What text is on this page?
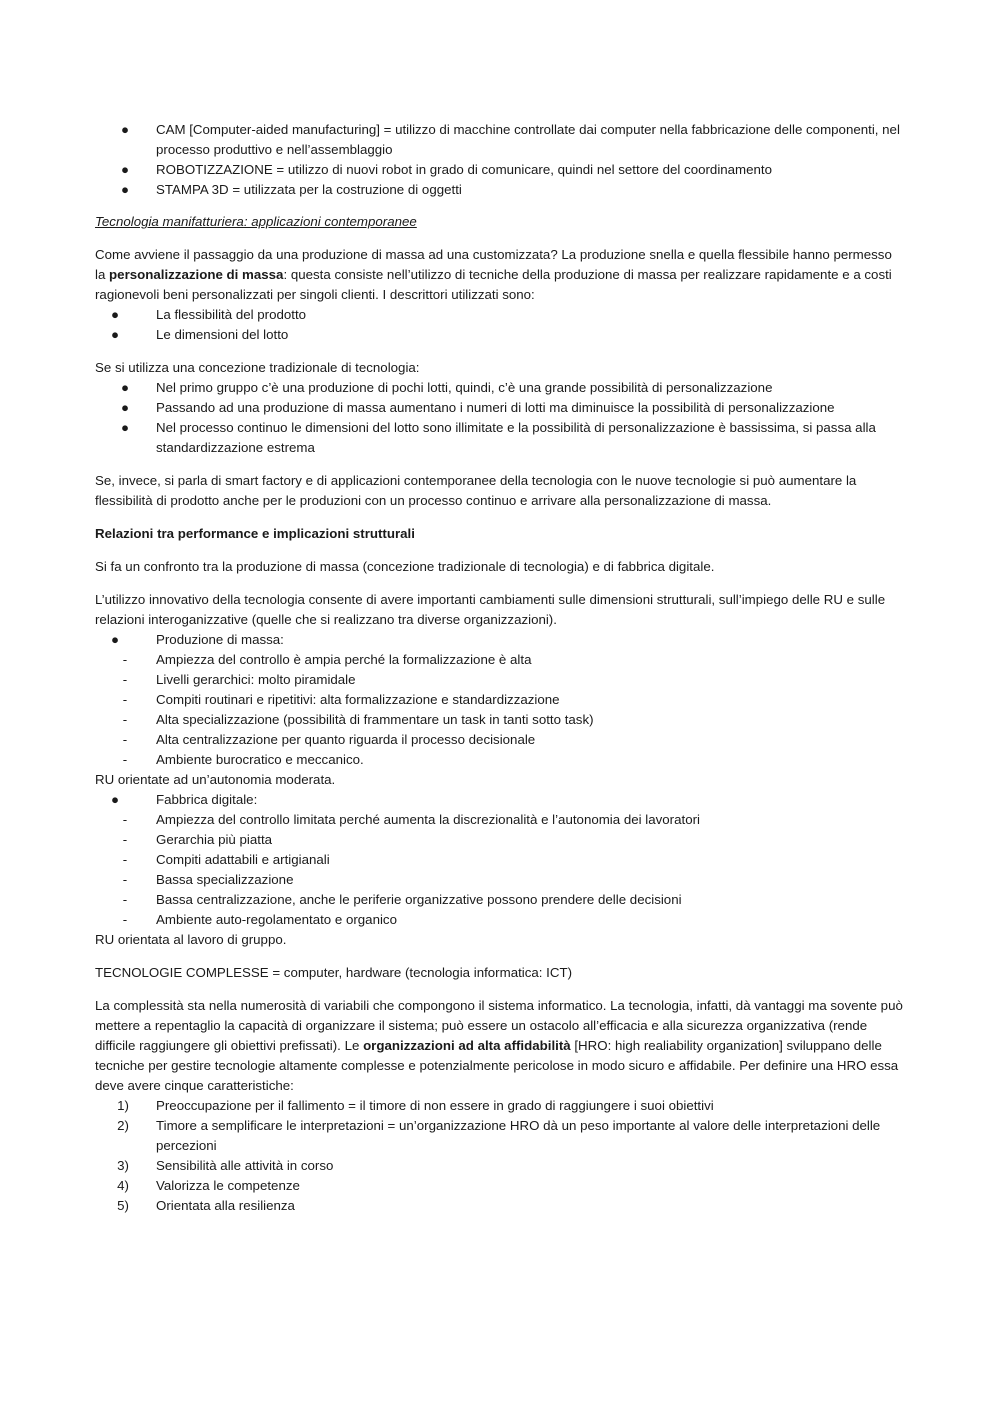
●	CAM [Computer-aided manufacturing] = utilizzo di macchine controllate dai computer nella fabbricazione delle componenti, nel processo produttivo e nell’assemblaggio
●	ROBOTIZZAZIONE = utilizzo di nuovi robot in grado di comunicare, quindi nel settore del coordinamento
●	STAMPA 3D = utilizzata per la costruzione di oggetti

Tecnologia manifatturiera: applicazioni contemporanee

Come avviene il passaggio da una produzione di massa ad una customizzata? La produzione snella e quella flessibile hanno permesso la personalizzazione di massa: questa consiste nell’utilizzo di tecniche della produzione di massa per realizzare rapidamente e a costi ragionevoli beni personalizzati per singoli clienti. I descrittori utilizzati sono:

●	La flessibilità del prodotto
●	Le dimensioni del lotto

Se si utilizza una concezione tradizionale di tecnologia:

●	Nel primo gruppo c’è una produzione di pochi lotti, quindi, c’è una grande possibilità di personalizzazione
●	Passando ad una produzione di massa aumentano i numeri di lotti ma diminuisce la possibilità di personalizzazione
●	Nel processo continuo le dimensioni del lotto sono illimitate e la possibilità di personalizzazione è bassissima, si passa alla standardizzazione estrema

Se, invece, si parla di smart factory e di applicazioni contemporanee della tecnologia con le nuove tecnologie si può aumentare la flessibilità di prodotto anche per le produzioni con un processo continuo e arrivare alla personalizzazione di massa.

Relazioni tra performance e implicazioni strutturali

Si fa un confronto tra la produzione di massa (concezione tradizionale di tecnologia) e di fabbrica digitale.

L’utilizzo innovativo della tecnologia consente di avere importanti cambiamenti sulle dimensioni strutturali, sull’impiego delle RU e sulle relazioni interoganizzative (quelle che si realizzano tra diverse organizzazioni).

●	Produzione di massa:
-	Ampiezza del controllo è ampia perché la formalizzazione è alta
-	Livelli gerarchici: molto piramidale
-	Compiti routinari e ripetitivi: alta formalizzazione e standardizzazione
-	Alta specializzazione (possibilità di frammentare un task in tanti sotto task)
-	Alta centralizzazione per quanto riguarda il processo decisionale
-	Ambiente burocratico e meccanico.

RU orientate ad un’autonomia moderata.

●	Fabbrica digitale:
-	Ampiezza del controllo limitata perché aumenta la discrezionalità e l’autonomia dei lavoratori
-	Gerarchia più piatta
-	Compiti adattabili e artigianali
-	Bassa specializzazione
-	Bassa centralizzazione, anche le periferie organizzative possono prendere delle decisioni
-	Ambiente auto-regolamentato e organico

RU orientata al lavoro di gruppo.

TECNOLOGIE COMPLESSE = computer, hardware (tecnologia informatica: ICT)

La complessità sta nella numerosità di variabili che compongono il sistema informatico. La tecnologia, infatti, dà vantaggi ma sovente può mettere a repentaglio la capacità di organizzare il sistema; può essere un ostacolo all’efficacia e alla sicurezza organizzativa (rende difficile raggiungere gli obiettivi prefissati). Le organizzazioni ad alta affidabilità [HRO: high realiability organization] sviluppano delle tecniche per gestire tecnologie altamente complesse e potenzialmente pericolose in modo sicuro e affidabile. Per definire una HRO essa deve avere cinque caratteristiche:

1)	Preoccupazione per il fallimento = il timore di non essere in grado di raggiungere i suoi obiettivi
2)	Timore a semplificare le interpretazioni = un’organizzazione HRO dà un peso importante al valore delle interpretazioni delle percezioni
3)	Sensibilità alle attività in corso
4)	Valorizza le competenze
5)	Orientata alla resilienza
